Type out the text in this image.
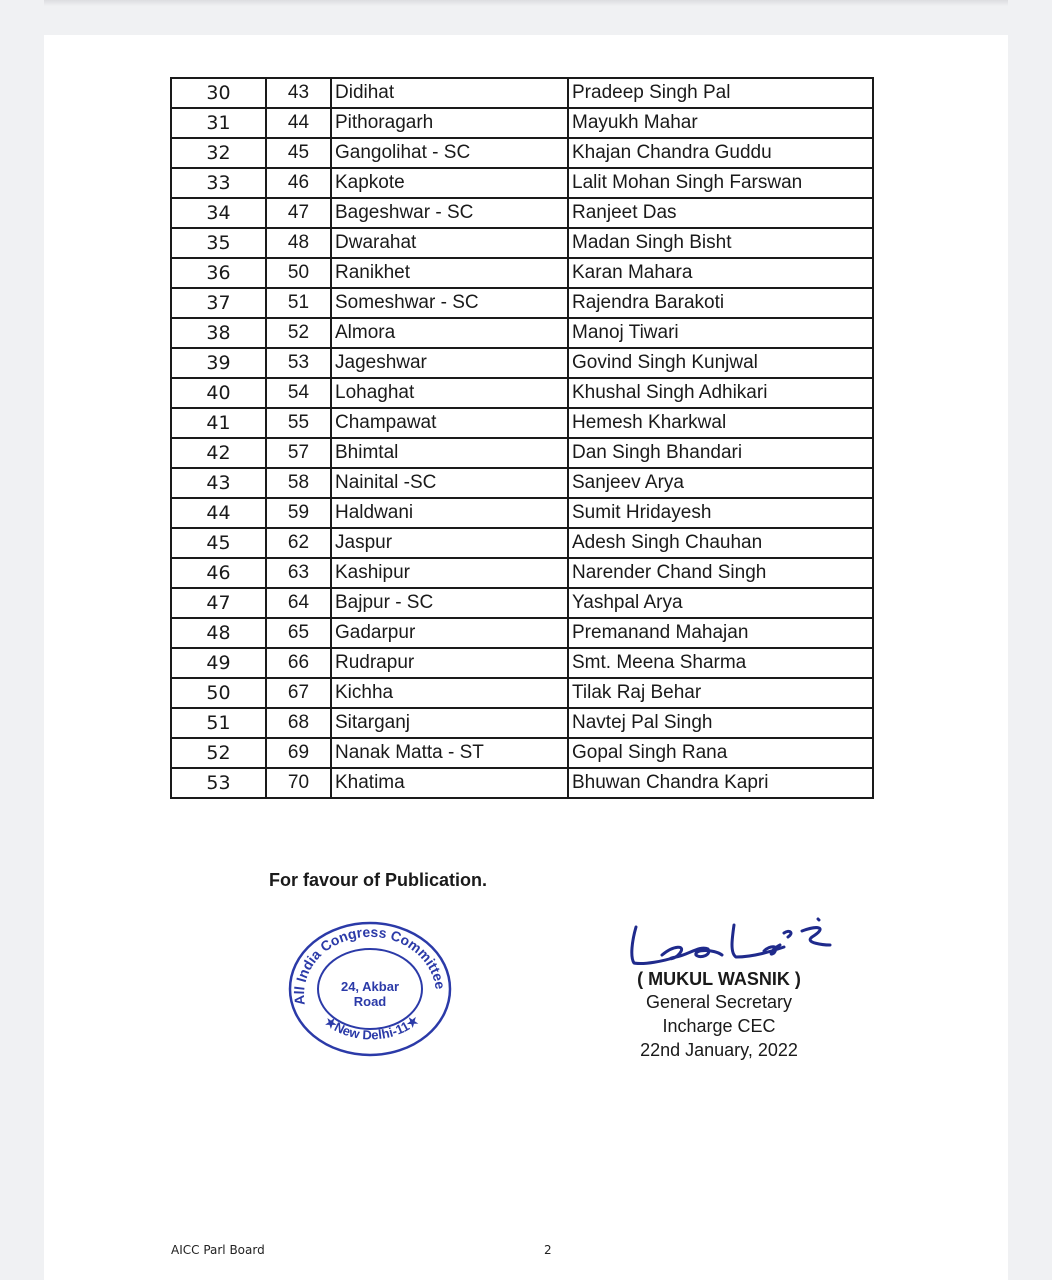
30	43	Didihat	Pradeep Singh Pal
31	44	Pithoragarh	Mayukh Mahar
32	45	Gangolihat - SC	Khajan Chandra Guddu
33	46	Kapkote	Lalit Mohan Singh Farswan
34	47	Bageshwar - SC	Ranjeet Das
35	48	Dwarahat	Madan Singh Bisht
36	50	Ranikhet	Karan Mahara
37	51	Someshwar - SC	Rajendra Barakoti
38	52	Almora	Manoj Tiwari
39	53	Jageshwar	Govind Singh Kunjwal
40	54	Lohaghat	Khushal Singh Adhikari
41	55	Champawat	Hemesh Kharkwal
42	57	Bhimtal	Dan Singh Bhandari
43	58	Nainital -SC	Sanjeev Arya
44	59	Haldwani	Sumit Hridayesh
45	62	Jaspur	Adesh Singh Chauhan
46	63	Kashipur	Narender Chand Singh
47	64	Bajpur - SC	Yashpal Arya
48	65	Gadarpur	Premanand Mahajan
49	66	Rudrapur	Smt. Meena Sharma
50	67	Kichha	Tilak Raj Behar
51	68	Sitarganj	Navtej Pal Singh
52	69	Nanak Matta - ST	Gopal Singh Rana
53	70	Khatima	Bhuwan Chandra Kapri
For favour of Publication.
All India Congress Committee
★New Delhi-11★
24, Akbar
Road
( MUKUL WASNIK )
General Secretary
Incharge CEC
22nd January, 2022
AICC Parl Board	2
